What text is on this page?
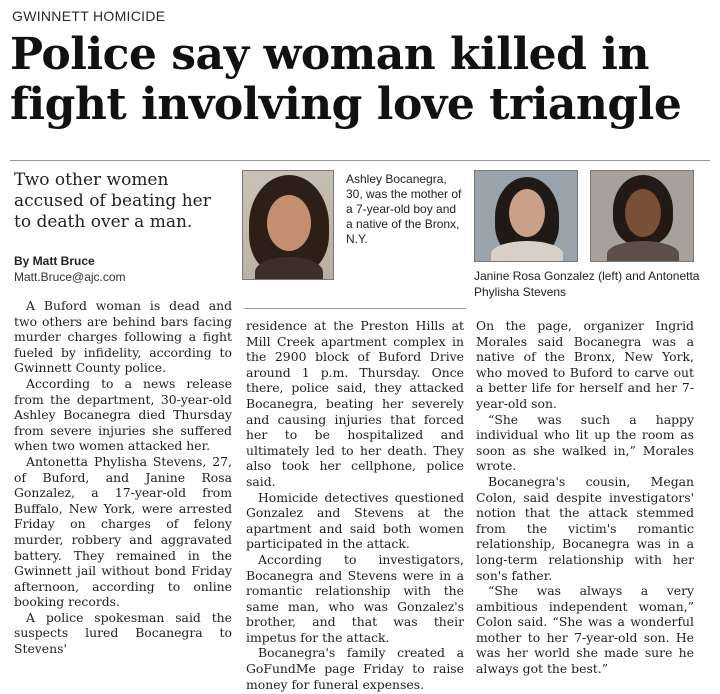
GWINNETT HOMICIDE
Police say woman killed in fight involving love triangle
Two other women accused of beating her to death over a man.
By Matt Bruce
Matt.Bruce@ajc.com
Ashley Bocanegra, 30, was the mother of a 7-year-old boy and a native of the Bronx, N.Y.
Janine Rosa Gonzalez (left) and Antonetta Phylisha Stevens

A Buford woman is dead and two others are behind bars facing murder charges following a fight fueled by infidelity, according to Gwinnett County police.

According to a news release from the department, 30-year-old Ashley Bocanegra died Thursday from severe injuries she suffered when two women attacked her.

Antonetta Phylisha Stevens, 27, of Buford, and Janine Rosa Gonzalez, a 17-year-old from Buffalo, New York, were arrested Friday on charges of felony murder, robbery and aggravated battery. They remained in the Gwinnett jail without bond Friday afternoon, according to online booking records.

A police spokesman said the suspects lured Bocanegra to Stevens'

residence at the Preston Hills at Mill Creek apartment complex in the 2900 block of Buford Drive around 1 p.m. Thursday. Once there, police said, they attacked Bocanegra, beating her severely and causing injuries that forced her to be hospitalized and ultimately led to her death. They also took her cellphone, police said.

Homicide detectives questioned Gonzalez and Stevens at the apartment and said both women participated in the attack.

According to investigators, Bocanegra and Stevens were in a romantic relationship with the same man, who was Gonzalez's brother, and that was their impetus for the attack.

Bocanegra's family created a GoFundMe page Friday to raise money for funeral expenses.

On the page, organizer Ingrid Morales said Bocanegra was a native of the Bronx, New York, who moved to Buford to carve out a better life for herself and her 7-year-old son.

“She was such a happy individual who lit up the room as soon as she walked in,” Morales wrote.

Bocanegra's cousin, Megan Colon, said despite investigators' notion that the attack stemmed from the victim's romantic relationship, Bocanegra was in a long-term relationship with her son's father.

“She was always a very ambitious independent woman,” Colon said. “She was a wonderful mother to her 7-year-old son. He was her world she made sure he always got the best.”
